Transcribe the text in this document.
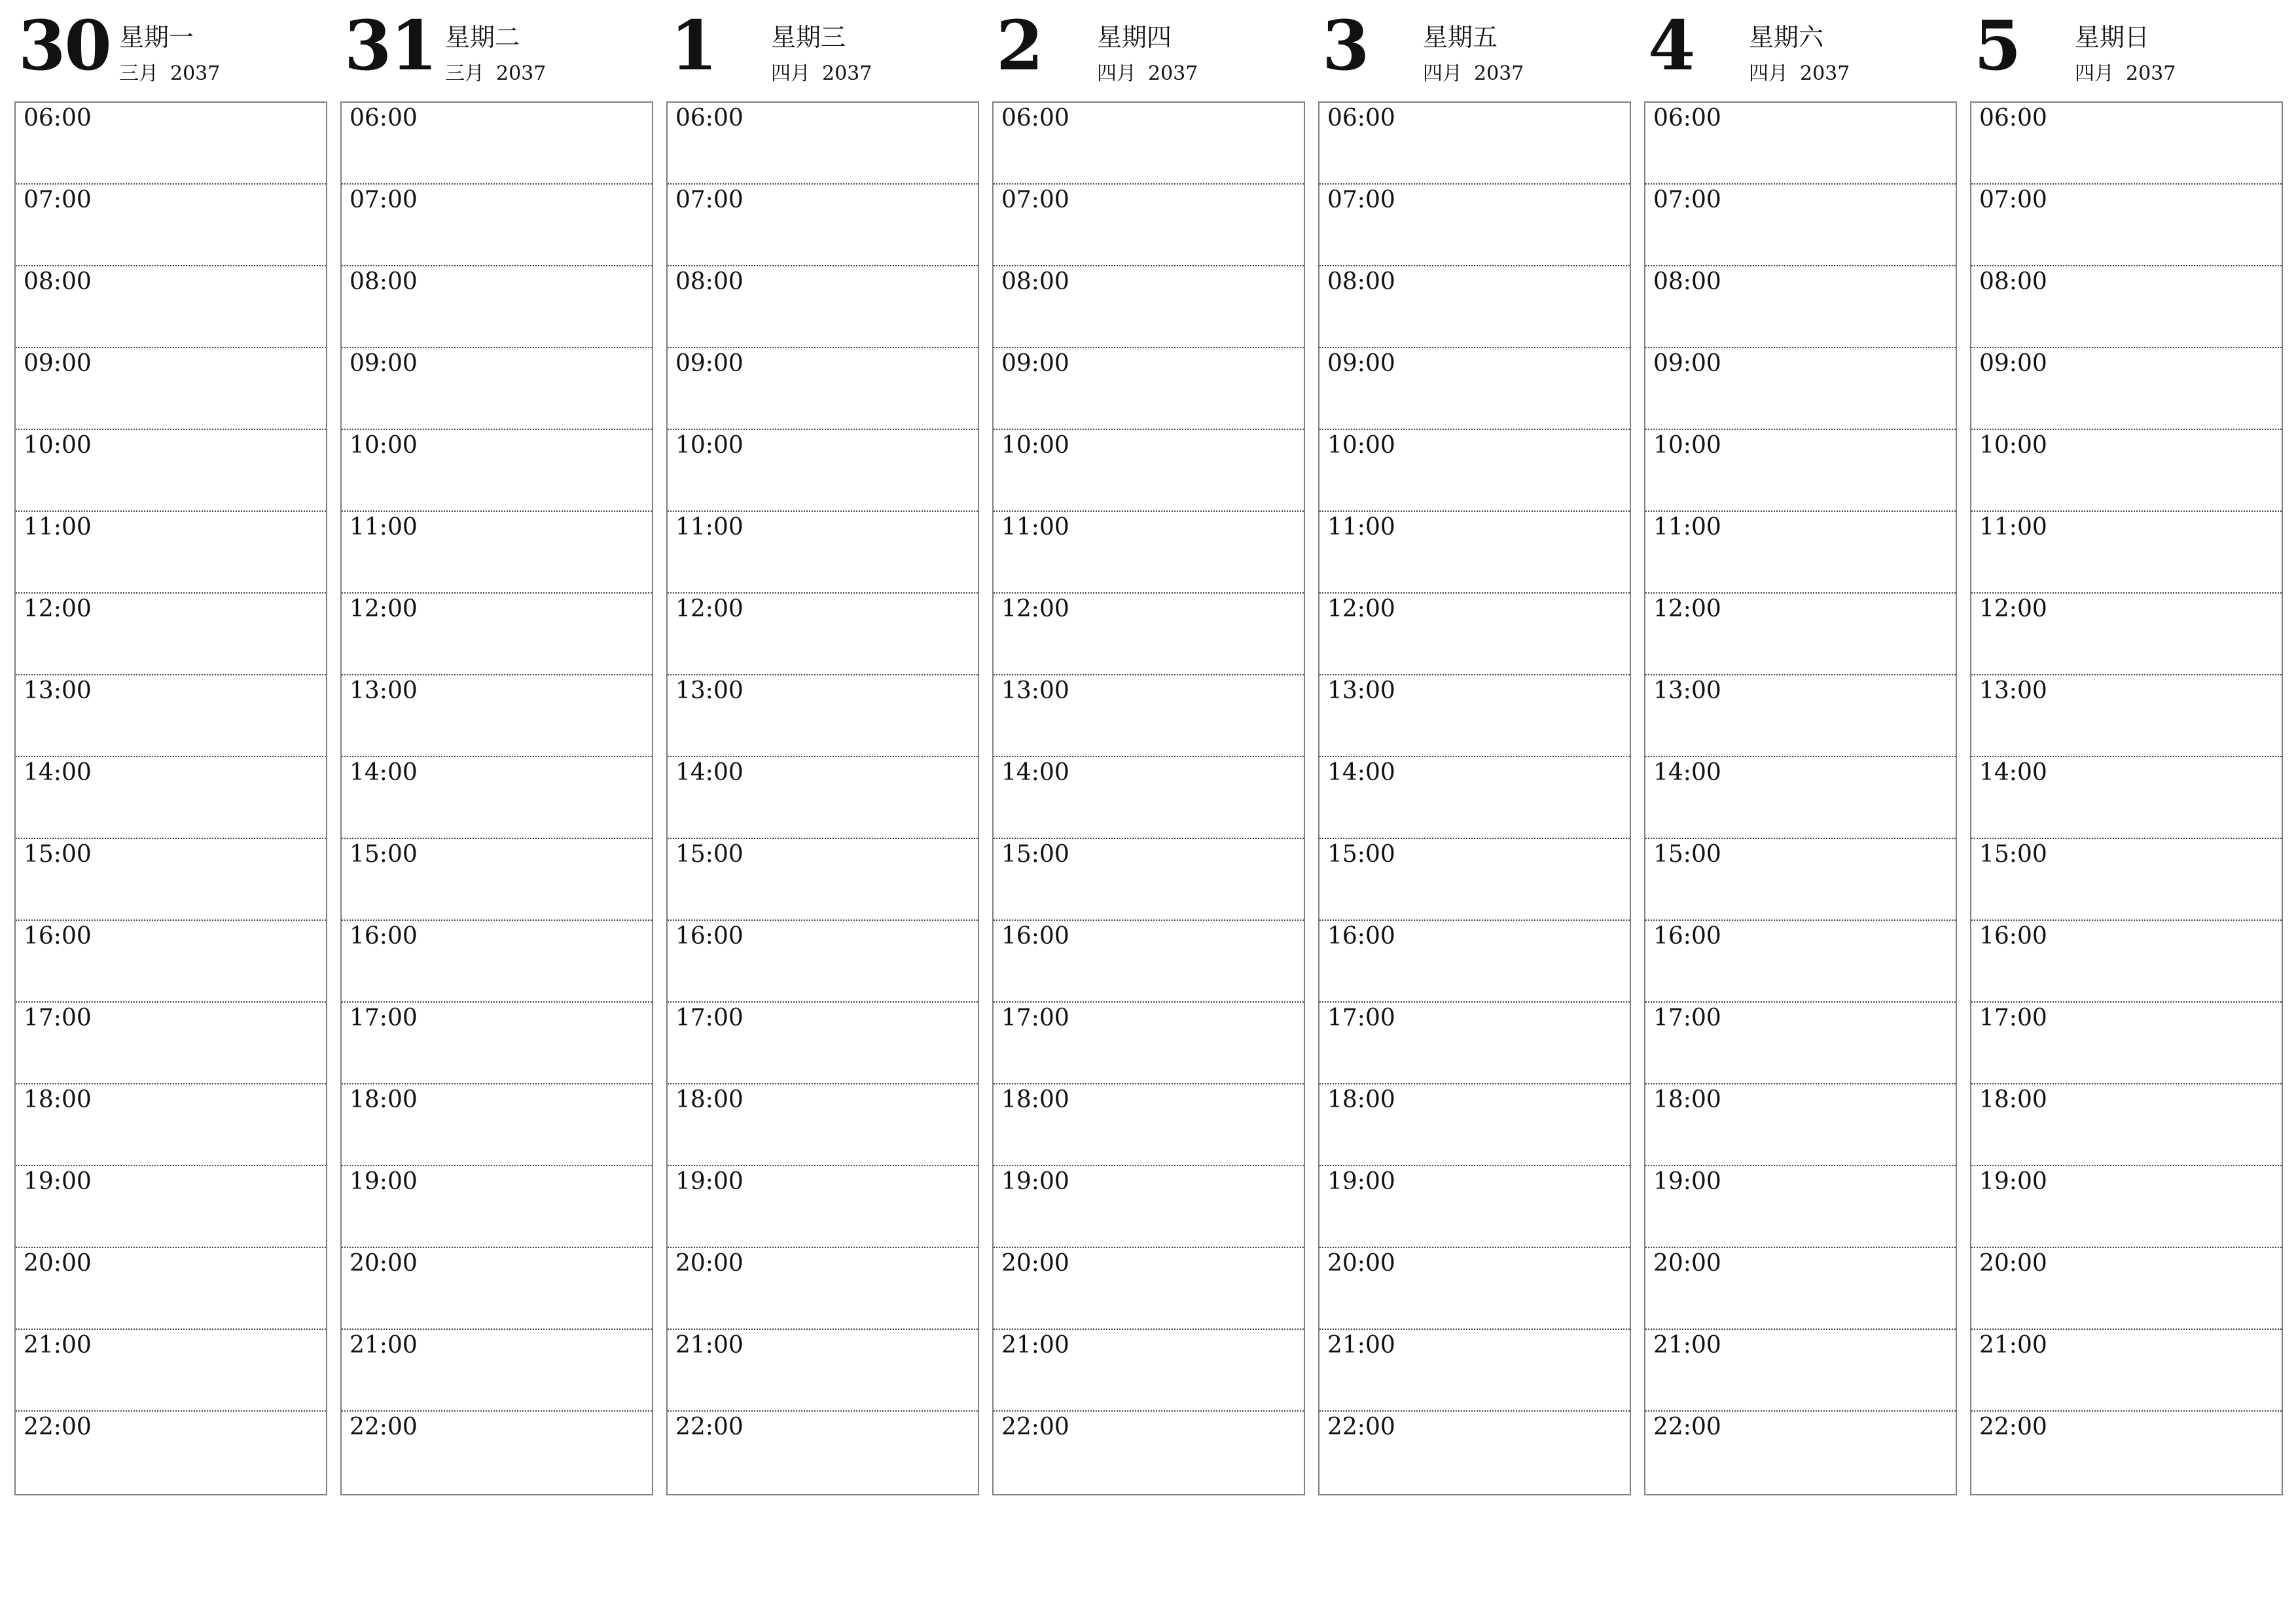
30 星期一
三月 2037
06:00
07:00
08:00
09:00
10:00
11:00
12:00
13:00
14:00
15:00
16:00
17:00
18:00
19:00
20:00
21:00
22:00
31 星期二
三月 2037
06:00
07:00
08:00
09:00
10:00
11:00
12:00
13:00
14:00
15:00
16:00
17:00
18:00
19:00
20:00
21:00
22:00
1 星期三
四月 2037
06:00
07:00
08:00
09:00
10:00
11:00
12:00
13:00
14:00
15:00
16:00
17:00
18:00
19:00
20:00
21:00
22:00
2 星期四
四月 2037
06:00
07:00
08:00
09:00
10:00
11:00
12:00
13:00
14:00
15:00
16:00
17:00
18:00
19:00
20:00
21:00
22:00
3 星期五
四月 2037
06:00
07:00
08:00
09:00
10:00
11:00
12:00
13:00
14:00
15:00
16:00
17:00
18:00
19:00
20:00
21:00
22:00
4 星期六
四月 2037
06:00
07:00
08:00
09:00
10:00
11:00
12:00
13:00
14:00
15:00
16:00
17:00
18:00
19:00
20:00
21:00
22:00
5 星期日
四月 2037
06:00
07:00
08:00
09:00
10:00
11:00
12:00
13:00
14:00
15:00
16:00
17:00
18:00
19:00
20:00
21:00
22:00
